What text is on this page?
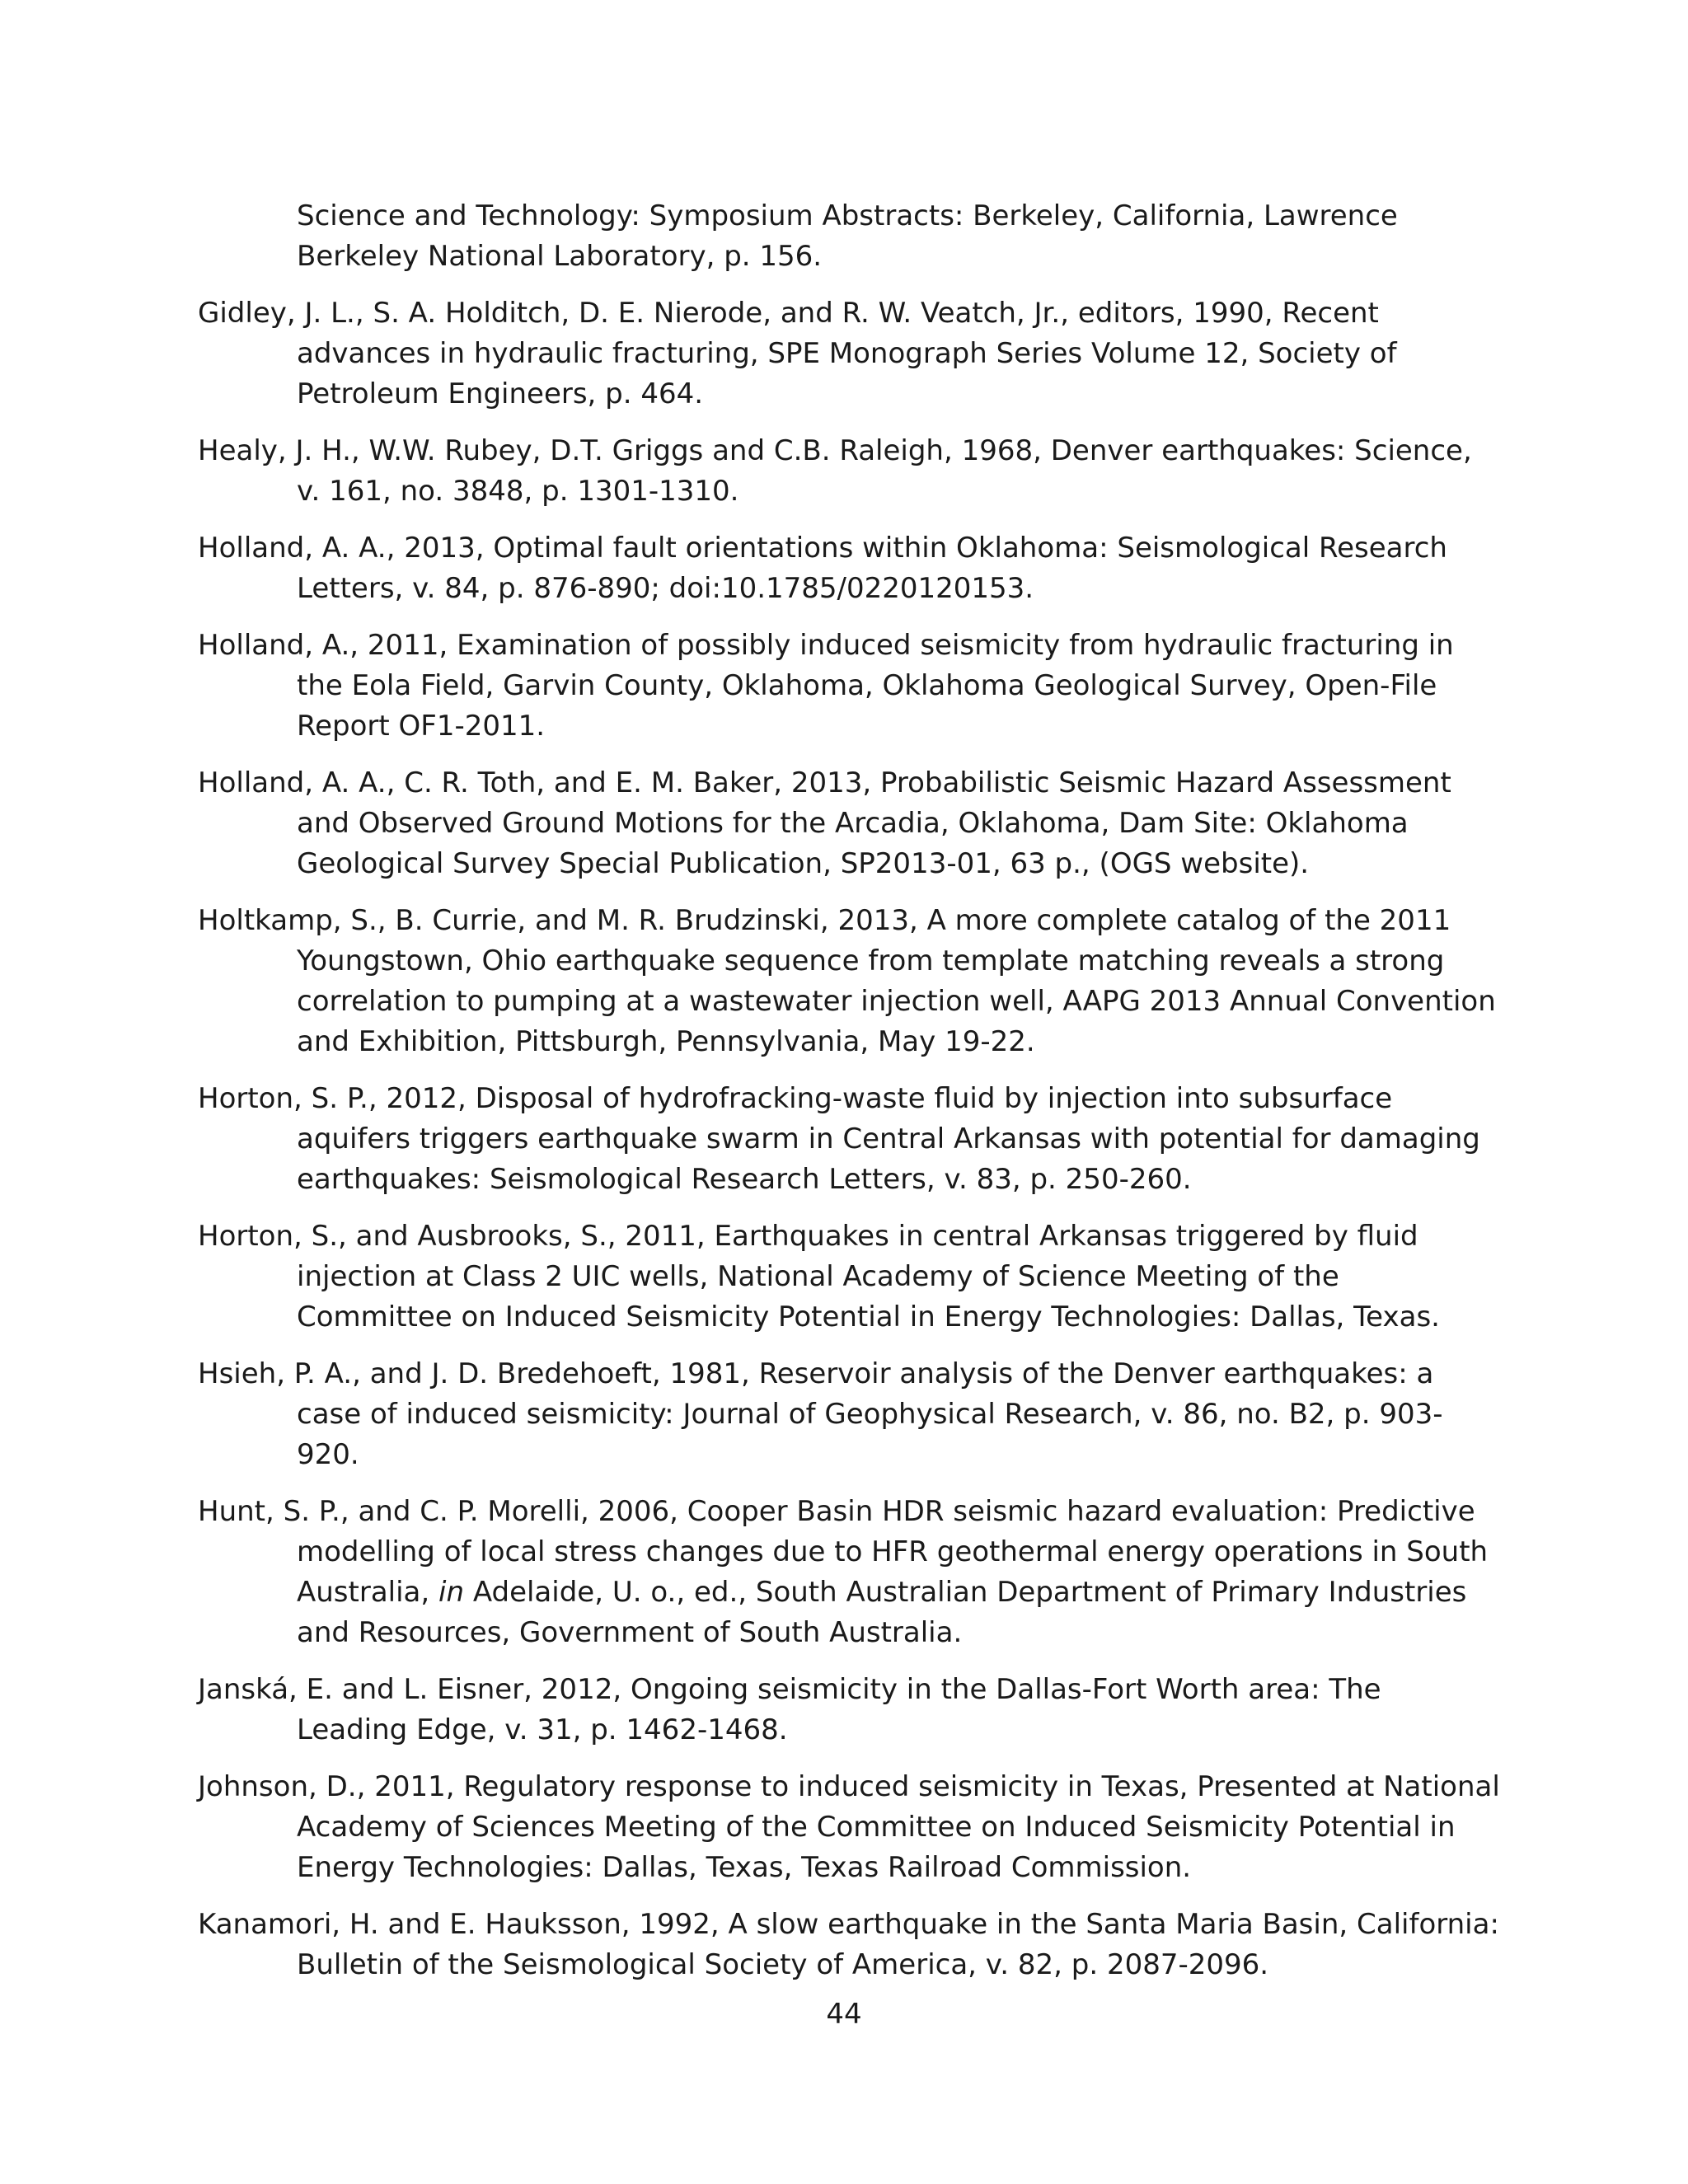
Science and Technology: Symposium Abstracts: Berkeley, California, Lawrence Berkeley National Laboratory, p. 156.

Gidley, J. L., S. A. Holditch, D. E. Nierode, and R. W. Veatch, Jr., editors, 1990, Recent advances in hydraulic fracturing, SPE Monograph Series Volume 12, Society of Petroleum Engineers, p. 464.

Healy, J. H., W.W. Rubey, D.T. Griggs and C.B. Raleigh, 1968, Denver earthquakes: Science, v. 161, no. 3848, p. 1301-1310.

Holland, A. A., 2013, Optimal fault orientations within Oklahoma: Seismological Research Letters, v. 84, p. 876-890; doi:10.1785/0220120153.

Holland, A., 2011, Examination of possibly induced seismicity from hydraulic fracturing in the Eola Field, Garvin County, Oklahoma, Oklahoma Geological Survey, Open-File Report OF1-2011.

Holland, A. A., C. R. Toth, and E. M. Baker, 2013, Probabilistic Seismic Hazard Assessment and Observed Ground Motions for the Arcadia, Oklahoma, Dam Site: Oklahoma Geological Survey Special Publication, SP2013-01, 63 p., (OGS website).

Holtkamp, S., B. Currie, and M. R. Brudzinski, 2013, A more complete catalog of the 2011 Youngstown, Ohio earthquake sequence from template matching reveals a strong correlation to pumping at a wastewater injection well, AAPG 2013 Annual Convention and Exhibition, Pittsburgh, Pennsylvania, May 19-22.

Horton, S. P., 2012, Disposal of hydrofracking-waste fluid by injection into subsurface aquifers triggers earthquake swarm in Central Arkansas with potential for damaging earthquakes: Seismological Research Letters, v. 83, p. 250-260.

Horton, S., and Ausbrooks, S., 2011, Earthquakes in central Arkansas triggered by fluid injection at Class 2 UIC wells, National Academy of Science Meeting of the Committee on Induced Seismicity Potential in Energy Technologies: Dallas, Texas.

Hsieh, P. A., and J. D. Bredehoeft, 1981, Reservoir analysis of the Denver earthquakes: a case of induced seismicity: Journal of Geophysical Research, v. 86, no. B2, p. 903-920.

Hunt, S. P., and C. P. Morelli, 2006, Cooper Basin HDR seismic hazard evaluation: Predictive modelling of local stress changes due to HFR geothermal energy operations in South Australia, in Adelaide, U. o., ed., South Australian Department of Primary Industries and Resources, Government of South Australia.

Janská, E. and L. Eisner, 2012, Ongoing seismicity in the Dallas-Fort Worth area: The Leading Edge, v. 31, p. 1462-1468.

Johnson, D., 2011, Regulatory response to induced seismicity in Texas, Presented at National Academy of Sciences Meeting of the Committee on Induced Seismicity Potential in Energy Technologies: Dallas, Texas, Texas Railroad Commission.

Kanamori, H. and E. Hauksson, 1992, A slow earthquake in the Santa Maria Basin, California: Bulletin of the Seismological Society of America, v. 82, p. 2087-2096.

44
